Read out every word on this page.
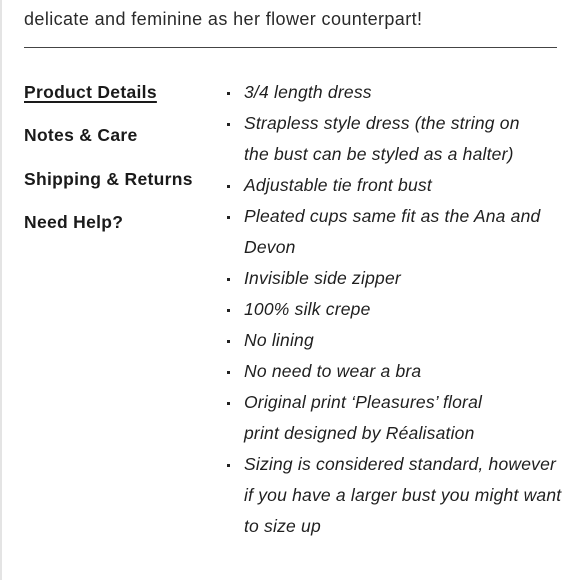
delicate and feminine as her flower counterpart!

Product Details
Notes & Care
Shipping & Returns
Need Help?
3/4 length dress
Strapless style dress (the string on the bust can be styled as a halter)
Adjustable tie front bust
Pleated cups same fit as the Ana and Devon
Invisible side zipper
100% silk crepe
No lining
No need to wear a bra
Original print ‘Pleasures’ floral print designed by Réalisation
Sizing is considered standard, however if you have a larger bust you might want to size up
